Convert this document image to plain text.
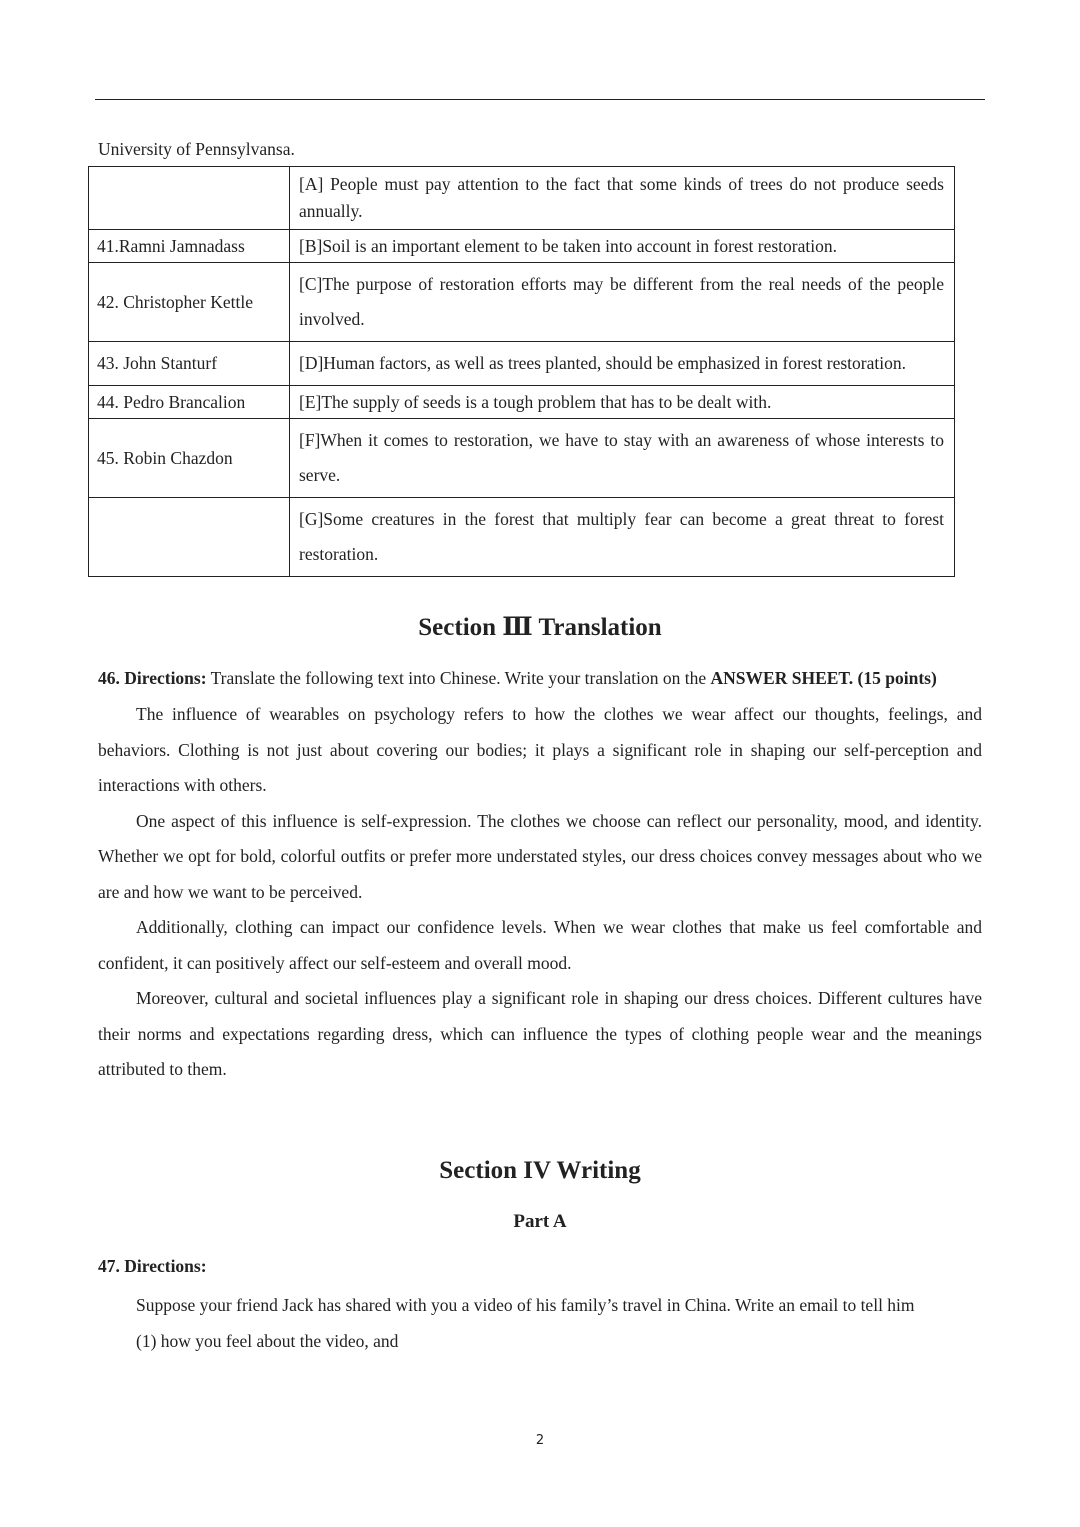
University of Pennsylvansa.
	[A] People must pay attention to the fact that some kinds of trees do not produce seeds annually.
41.Ramni Jamnadass	[B]Soil is an important element to be taken into account in forest restoration.
42. Christopher Kettle	[C]The purpose of restoration efforts may be different from the real needs of the people involved.
43. John Stanturf	[D]Human factors, as well as trees planted, should be emphasized in forest restoration.
44. Pedro Brancalion	[E]The supply of seeds is a tough problem that has to be dealt with.
45. Robin Chazdon	[F]When it comes to restoration, we have to stay with an awareness of whose interests to serve.
	[G]Some creatures in the forest that multiply fear can become a great threat to forest restoration.
Section Ⅲ Translation

46. Directions: Translate the following text into Chinese. Write your translation on the ANSWER SHEET. (15 points)

The influence of wearables on psychology refers to how the clothes we wear affect our thoughts, feelings, and behaviors. Clothing is not just about covering our bodies; it plays a significant role in shaping our self-perception and interactions with others.

One aspect of this influence is self-expression. The clothes we choose can reflect our personality, mood, and identity. Whether we opt for bold, colorful outfits or prefer more understated styles, our dress choices convey messages about who we are and how we want to be perceived.

Additionally, clothing can impact our confidence levels. When we wear clothes that make us feel comfortable and confident, it can positively affect our self-esteem and overall mood.

Moreover, cultural and societal influences play a significant role in shaping our dress choices. Different cultures have their norms and expectations regarding dress, which can influence the types of clothing people wear and the meanings attributed to them.

Section IV Writing
Part A

47. Directions:

Suppose your friend Jack has shared with you a video of his family’s travel in China. Write an email to tell him

(1) how you feel about the video, and

2
